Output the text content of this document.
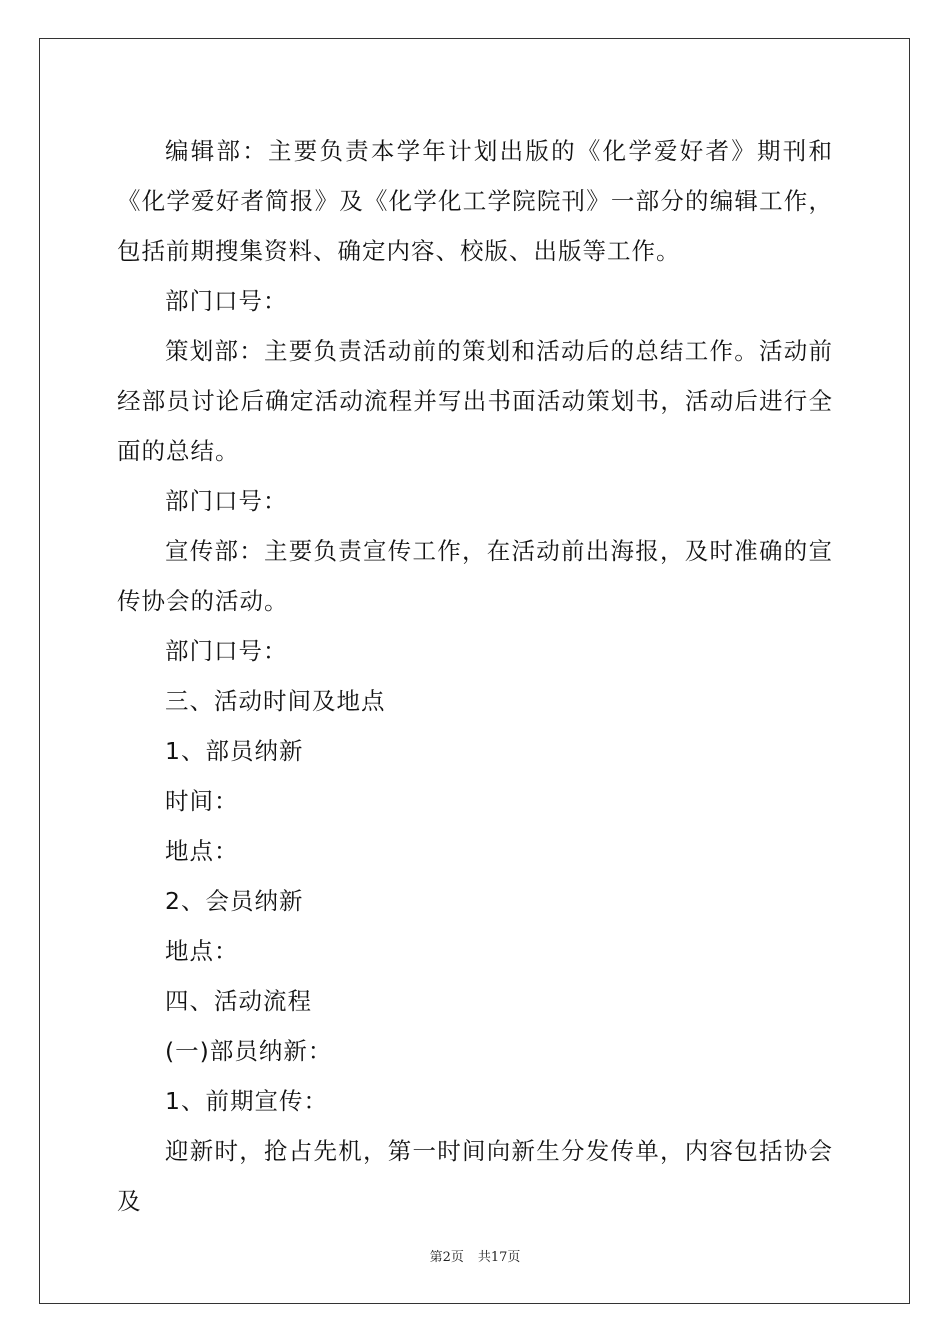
编辑部：主要负责本学年计划出版的《化学爱好者》期刊和《化学爱好者简报》及《化学化工学院院刊》一部分的编辑工作，包括前期搜集资料、确定内容、校版、出版等工作。

部门口号：

策划部：主要负责活动前的策划和活动后的总结工作。活动前经部员讨论后确定活动流程并写出书面活动策划书，活动后进行全面的总结。

部门口号：

宣传部：主要负责宣传工作，在活动前出海报，及时准确的宣传协会的活动。

部门口号：

三、活动时间及地点

1、部员纳新

时间：

地点：

2、会员纳新

地点：

四、活动流程

(一)部员纳新：

1、前期宣传：

迎新时，抢占先机，第一时间向新生分发传单，内容包括协会及

第2页 共17页
